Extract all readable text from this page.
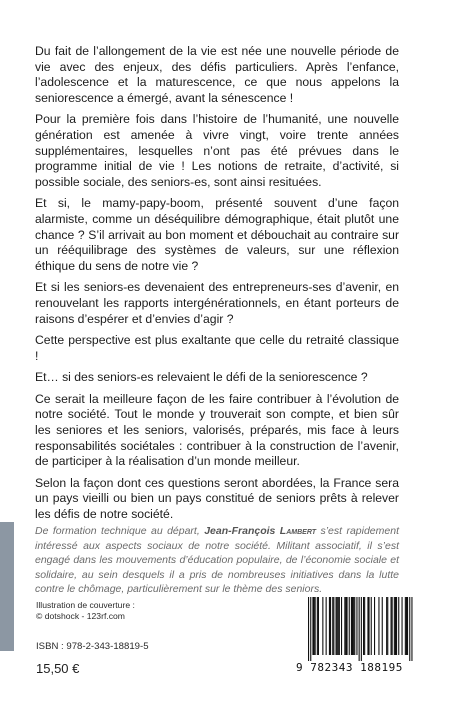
Du fait de l’allongement de la vie est née une nouvelle période de vie avec des enjeux, des défis particuliers. Après l’enfance, l’adolescence et la maturescence, ce que nous appelons la seniorescence a émergé, avant la sénescence !

Pour la première fois dans l’histoire de l’humanité, une nouvelle génération est amenée à vivre vingt, voire trente années supplémentaires, lesquelles n’ont pas été prévues dans le programme initial de vie ! Les notions de retraite, d’activité, si possible sociale, des seniors-es, sont ainsi resituées.

Et si, le mamy-papy-boom, présenté souvent d’une façon alarmiste, comme un déséquilibre démographique, était plutôt une chance ? S’il arrivait au bon moment et débouchait au contraire sur un rééquilibrage des systèmes de valeurs, sur une réflexion éthique du sens de notre vie ?

Et si les seniors-es devenaient des entrepreneurs-ses d’avenir, en renouvelant les rapports intergénérationnels, en étant porteurs de raisons d’espérer et d’envies d’agir ?

Cette perspective est plus exaltante que celle du retraité classique !

Et… si des seniors-es relevaient le défi de la seniorescence ?

Ce serait la meilleure façon de les faire contribuer à l’évolution de notre société. Tout le monde y trouverait son compte, et bien sûr les seniores et les seniors, valorisés, préparés, mis face à leurs responsabilités sociétales : contribuer à la construction de l’avenir, de participer à la réalisation d’un monde meilleur.

Selon la façon dont ces questions seront abordées, la France sera un pays vieilli ou bien un pays constitué de seniors prêts à relever les défis de notre société.

De formation technique au départ, Jean-François Lambert s’est rapidement intéressé aux aspects sociaux de notre société. Militant associatif, il s’est engagé dans les mouvements d’éducation populaire, de l’économie sociale et solidaire, au sein desquels il a pris de nombreuses initiatives dans la lutte contre le chômage, particulièrement sur le thème des seniors.

Illustration de couverture :
© dotshock - 123rf.com
ISBN : 978-2-343-18819-5
15,50 €	9 782343 188195
